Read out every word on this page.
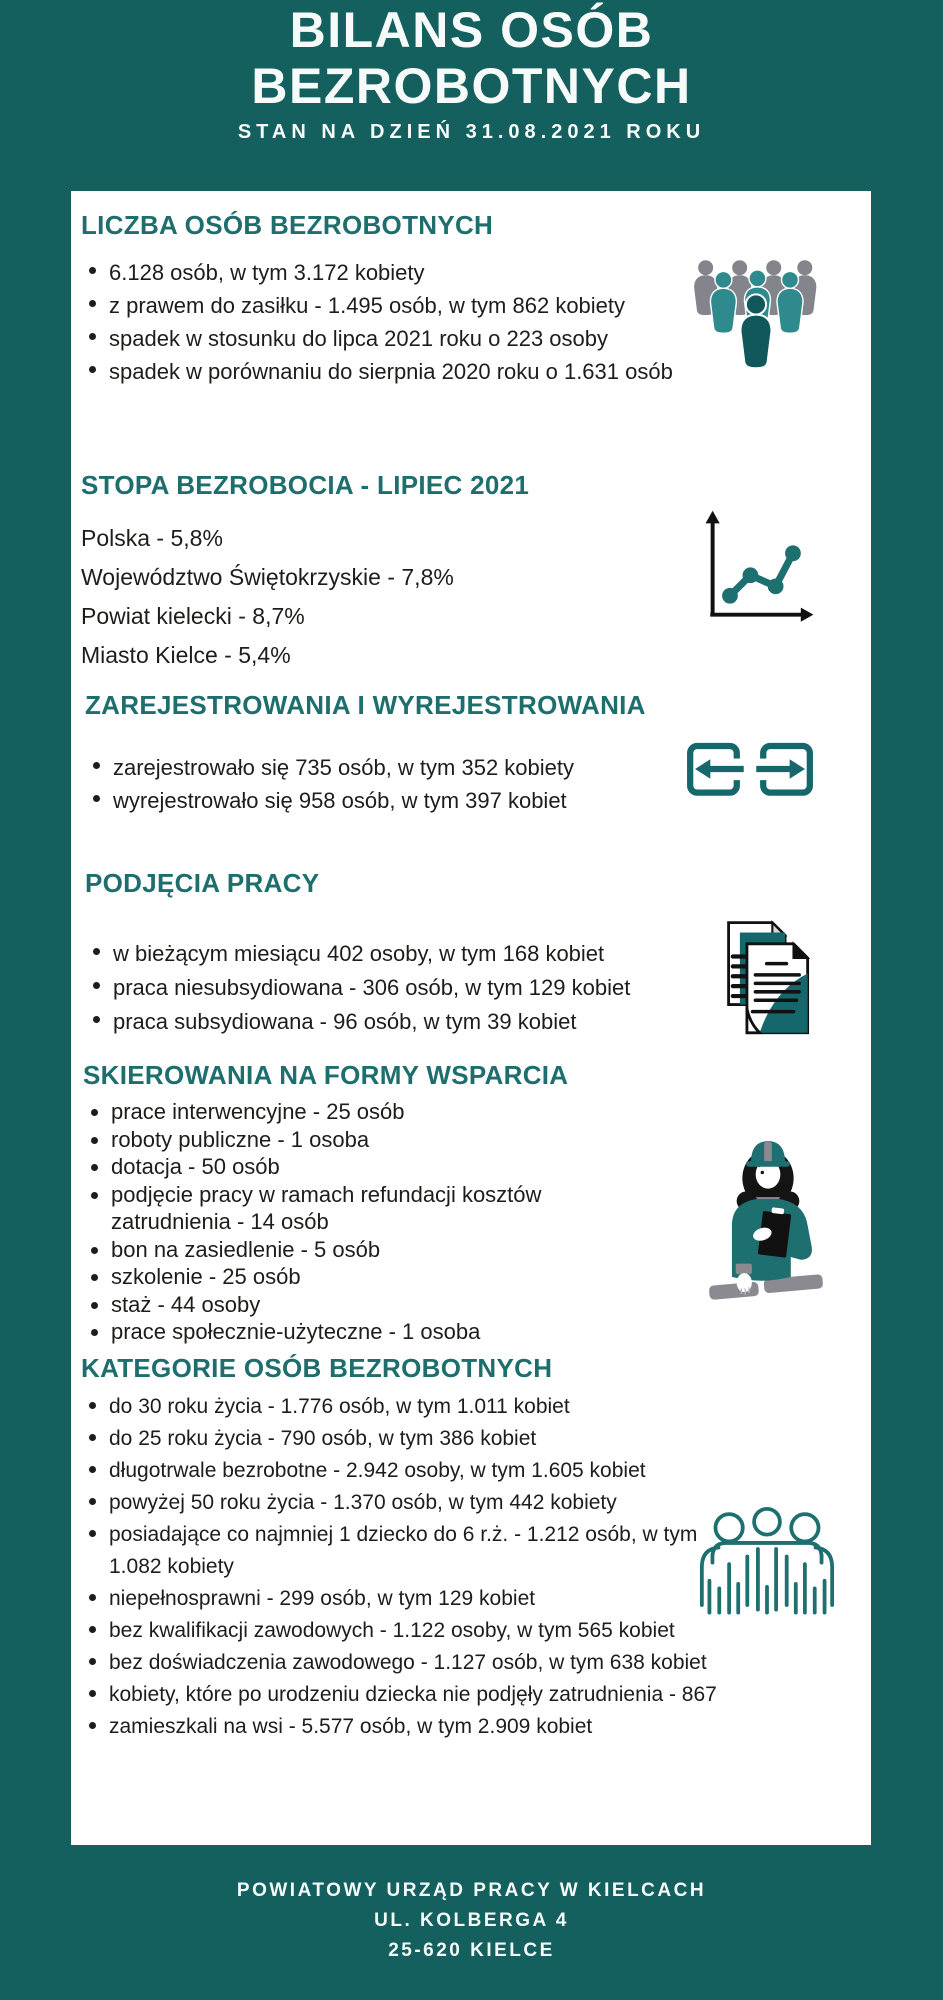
BILANS OSÓB BEZROBOTNYCH
STAN NA DZIEŃ 31.08.2021 ROKU
LICZBA OSÓB BEZROBOTNYCH
6.128 osób, w tym 3.172 kobiety
z prawem do zasiłku - 1.495 osób, w tym 862 kobiety
spadek w stosunku do lipca 2021 roku o 223 osoby
spadek w porównaniu do sierpnia 2020 roku o 1.631 osób
STOPA BEZROBOCIA - LIPIEC 2021
Polska - 5,8%
Województwo Świętokrzyskie - 7,8%
Powiat kielecki - 8,7%
Miasto Kielce - 5,4%
ZAREJESTROWANIA I WYREJESTROWANIA
zarejestrowało się 735 osób, w tym 352 kobiety
wyrejestrowało się 958 osób, w tym 397 kobiet
PODJĘCIA PRACY
w bieżącym miesiącu 402 osoby, w tym 168 kobiet
praca niesubsydiowana - 306 osób, w tym 129 kobiet
praca subsydiowana - 96 osób, w tym 39 kobiet
SKIEROWANIA NA FORMY WSPARCIA
prace interwencyjne - 25 osób
roboty publiczne - 1 osoba
dotacja - 50 osób
podjęcie pracy w ramach refundacji kosztów zatrudnienia - 14 osób
bon na zasiedlenie - 5 osób
szkolenie - 25 osób
staż - 44 osoby
prace społecznie-użyteczne - 1 osoba
KATEGORIE OSÓB BEZROBOTNYCH
do 30 roku życia - 1.776 osób, w tym 1.011 kobiet
do 25 roku życia - 790 osób, w tym 386 kobiet
długotrwale bezrobotne - 2.942 osoby, w tym 1.605 kobiet
powyżej 50 roku życia - 1.370 osób, w tym 442 kobiety
posiadające co najmniej 1 dziecko do 6 r.ż. - 1.212 osób, w tym 1.082 kobiety
niepełnosprawni - 299 osób, w tym 129 kobiet
bez kwalifikacji zawodowych - 1.122 osoby, w tym 565 kobiet
bez doświadczenia zawodowego - 1.127 osób, w tym 638 kobiet
kobiety, które po urodzeniu dziecka nie podjęły zatrudnienia - 867
zamieszkali na wsi - 5.577 osób, w tym 2.909 kobiet
POWIATOWY URZĄD PRACY W KIELCACH
UL. KOLBERGA 4
25-620 KIELCE
